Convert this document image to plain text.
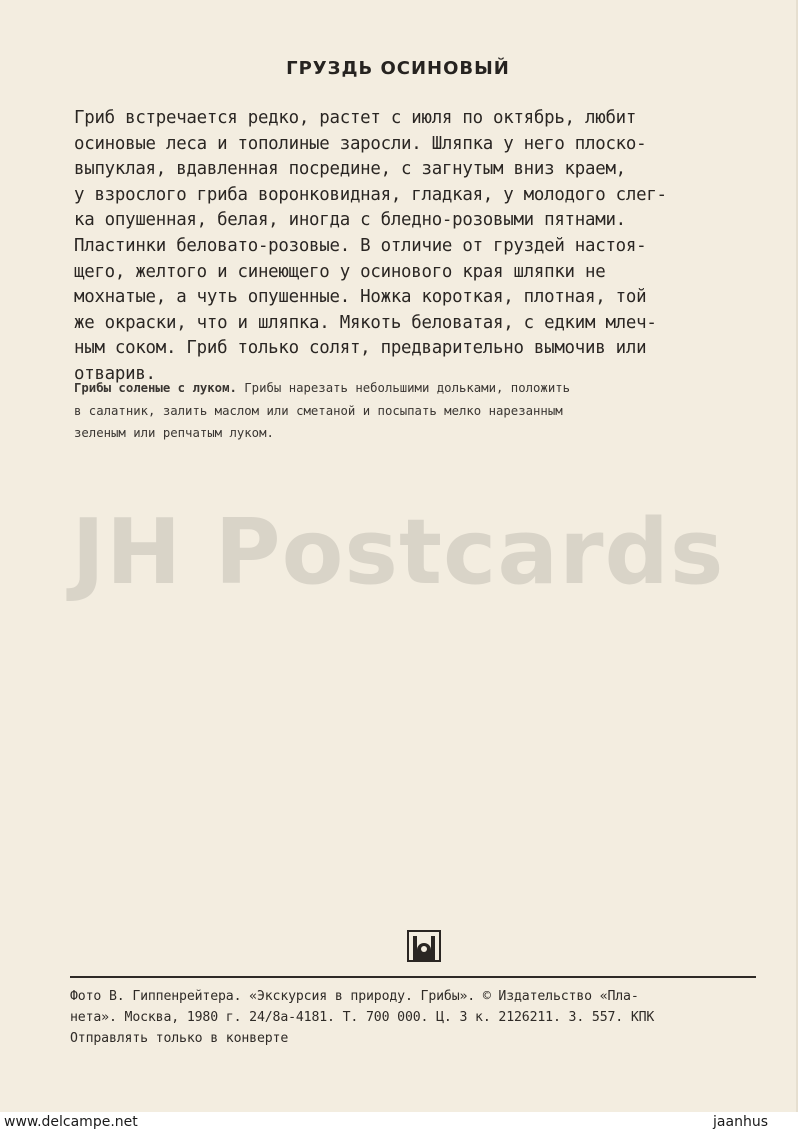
ГРУЗДЬ ОСИНОВЫЙ

Гриб встречается редко, растет с июля по октябрь, любит
осиновые леса и тополиные заросли. Шляпка у него плоско-
выпуклая, вдавленная посредине, с загнутым вниз краем,
у взрослого гриба воронковидная, гладкая, у молодого слег-
ка опушенная, белая, иногда с бледно-розовыми пятнами.
Пластинки беловато-розовые. В отличие от груздей настоя-
щего, желтого и синеющего у осинового края шляпки не
мохнатые, а чуть опушенные. Ножка короткая, плотная, той
же окраски, что и шляпка. Мякоть беловатая, с едким млеч-
ным соком. Гриб только солят, предварительно вымочив или
отварив.

Грибы соленые с луком. Грибы нарезать небольшими дольками, положить
в салатник, залить маслом или сметаной и посыпать мелко нарезанным
зеленым или репчатым луком.

JH Postcards

Фото В. Гиппенрейтера. «Экскурсия в природу. Грибы». © Издательство «Пла-
нета». Москва, 1980 г. 24/8а-4181. Т. 700 000. Ц. 3 к. 2126211. З. 557. КПК
Отправлять только в конверте

www.delcampe.net	jaanhus
